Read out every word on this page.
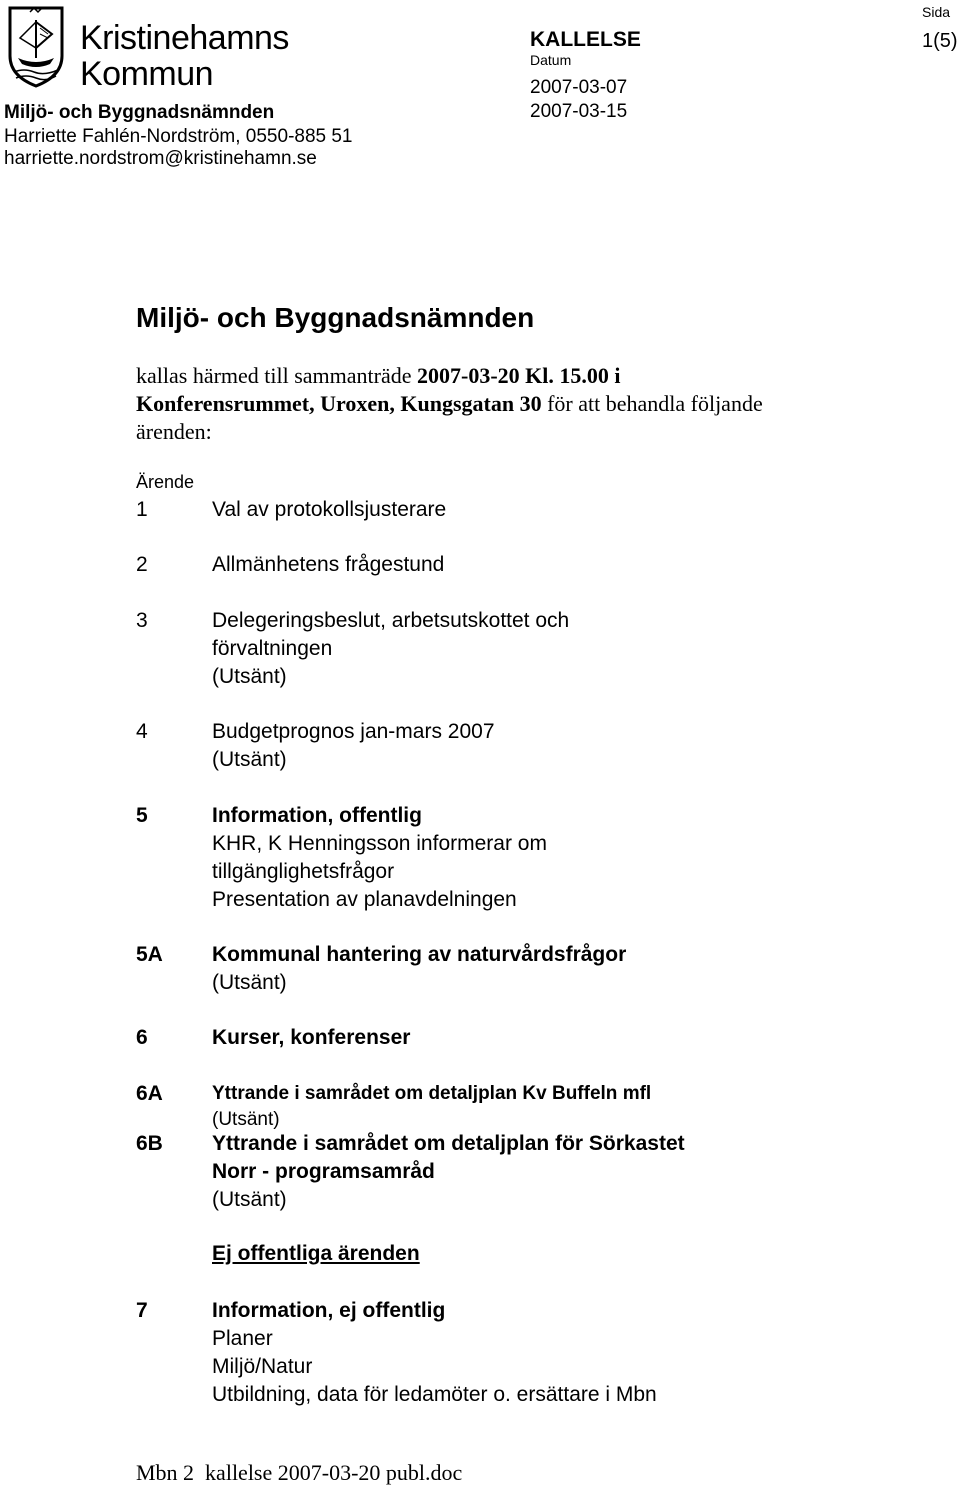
Kristinehamns
Kommun
Sida
1(5)
KALLELSE
Datum
2007-03-07
2007-03-15
Miljö- och Byggnadsnämnden
Harriette Fahlén-Nordström, 0550-885 51
harriette.nordstrom@kristinehamn.se
Miljö- och Byggnadsnämnden
kallas härmed till sammanträde 2007-03-20 Kl. 15.00 i Konferensrummet, Uroxen, Kungsgatan 30 för att behandla följande ärenden:
Ärende
1	Val av protokollsjusterare
2	Allmänhetens frågestund
3	Delegeringsbeslut, arbetsutskottet och
förvaltningen
(Utsänt)
4	Budgetprognos jan-mars 2007
(Utsänt)
5	Information, offentlig
KHR, K Henningsson informerar om
tillgänglighetsfrågor
Presentation av planavdelningen
5A Kommunal hantering av naturvårdsfrågor
(Utsänt)
6	Kurser, konferenser
6A	Yttrande i samrådet om detaljplan Kv Buffeln mfl
(Utsänt)
6B Yttrande i samrådet om detaljplan för Sörkastet
Norr - programsamråd
(Utsänt)
Ej offentliga ärenden
7	Information, ej offentlig
Planer
Miljö/Natur
Utbildning, data för ledamöter o. ersättare i Mbn
Mbn 2  kallelse 2007-03-20 publ.doc
